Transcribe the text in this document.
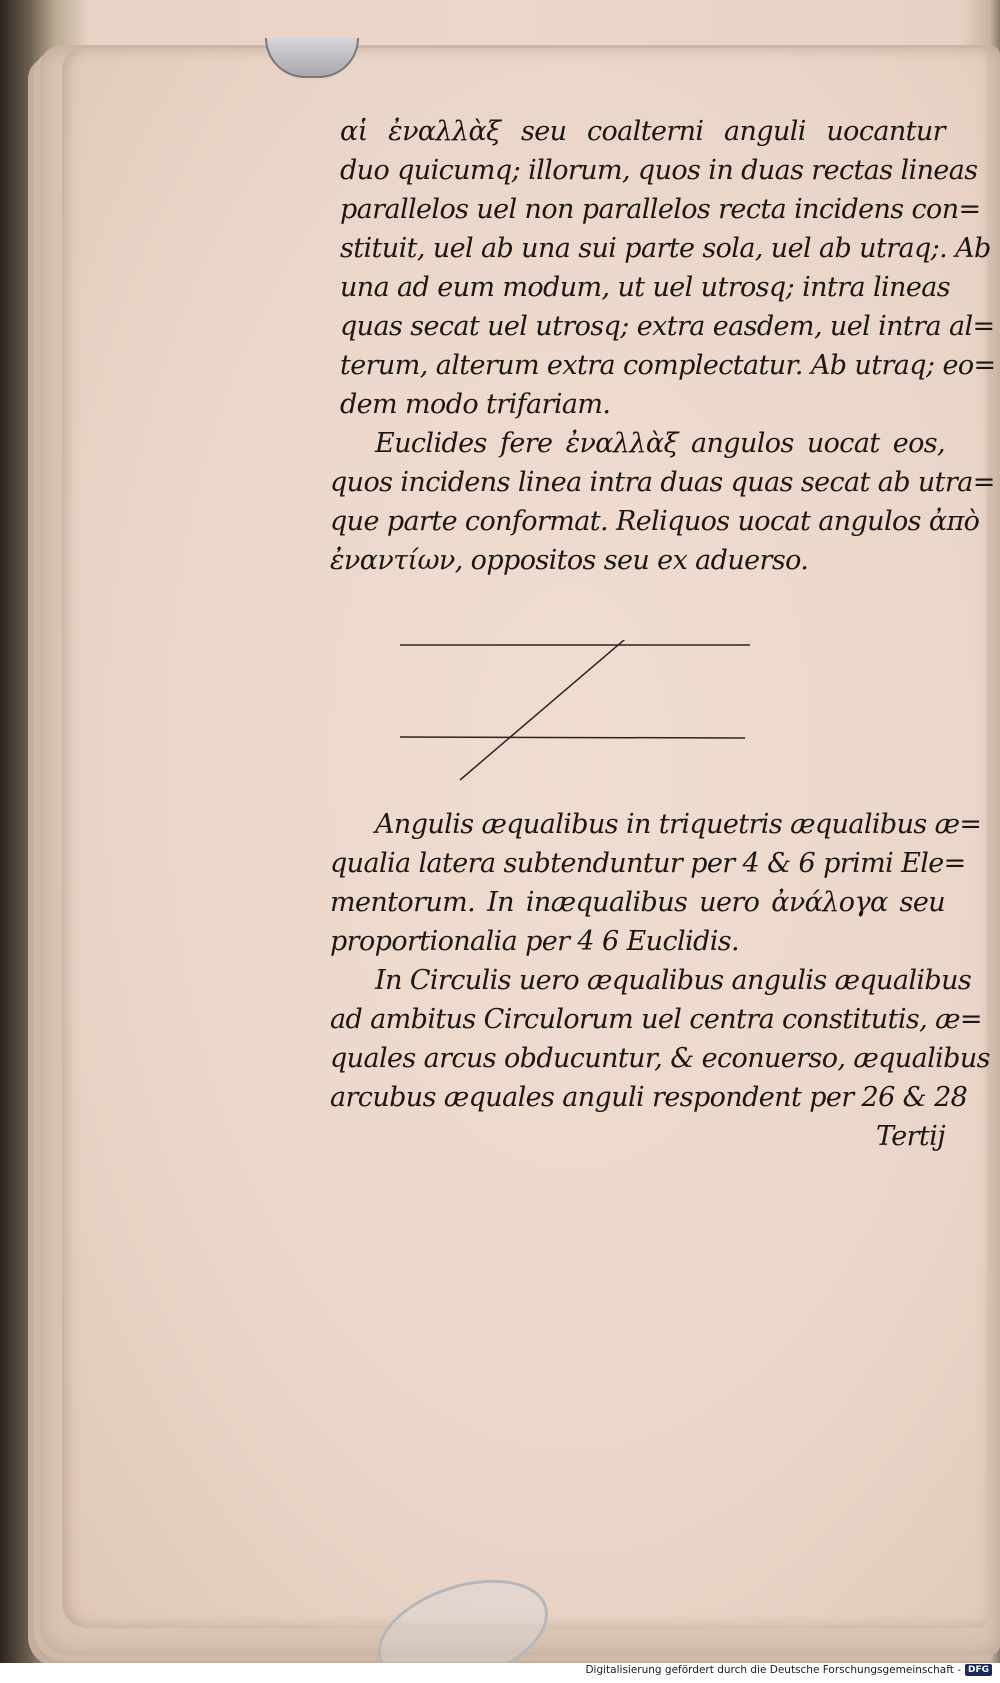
αἱ ἐναλλὰξ seu coalterni anguli uocantur
duo quicumq; illorum, quos in duas rectas lineas
parallelos uel non parallelos recta incidens con=
stituit, uel ab una sui parte sola, uel ab utraq;. Ab
una ad eum modum, ut uel utrosq; intra lineas
quas secat uel utrosq; extra easdem, uel intra al=
terum, alterum extra complectatur. Ab utraq; eo=
dem modo trifariam.
Euclides fere ἐναλλὰξ angulos uocat eos,
quos incidens linea intra duas quas secat ab utra=
que parte conformat. Reliquos uocat angulos ἀπὸ
ἐναντίων, oppositos seu ex aduerso.
Angulis æqualibus in triquetris æqualibus æ=
qualia latera subtenduntur per 4 & 6 primi Ele=
mentorum. In inæqualibus uero ἀνάλογα seu
proportionalia per 4 6 Euclidis.
In Circulis uero æqualibus angulis æqualibus
ad ambitus Circulorum uel centra constitutis, æ=
quales arcus obducuntur, & econuerso, æqualibus
arcubus æquales anguli respondent per 26 & 28
Tertij
Digitalisierung gefördert durch die Deutsche Forschungsgemeinschaft - DFG
